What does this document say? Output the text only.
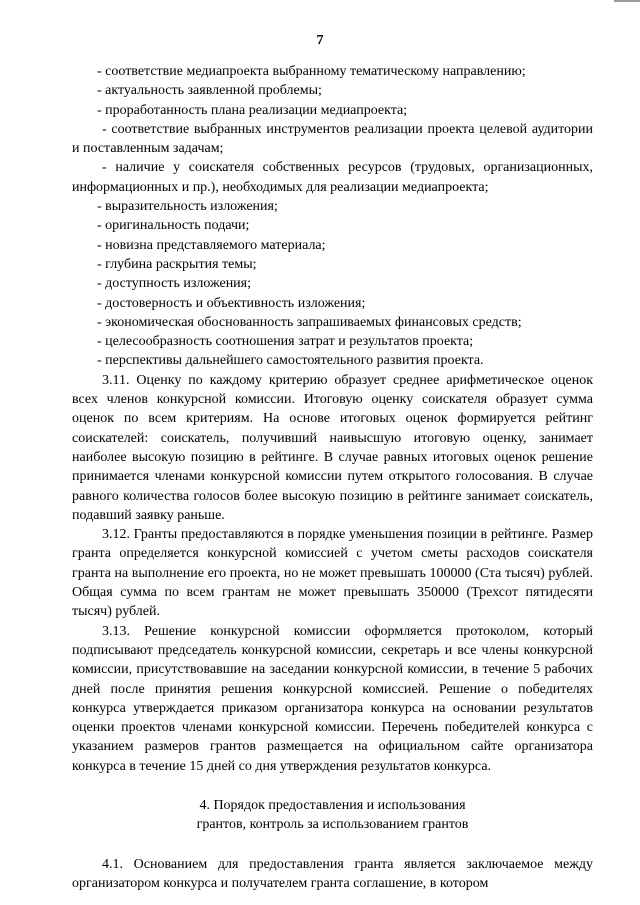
7

- соответствие медиапроекта выбранному тематическому направлению;

- актуальность заявленной проблемы;

- проработанность плана реализации медиапроекта;

- соответствие выбранных инструментов реализации проекта целевой аудитории и поставленным задачам;

- наличие у соискателя собственных ресурсов (трудовых, организационных, информационных и пр.), необходимых для реализации медиапроекта;

- выразительность изложения;

- оригинальность подачи;

- новизна представляемого материала;

- глубина раскрытия темы;

- доступность изложения;

- достоверность и объективность изложения;

- экономическая обоснованность запрашиваемых финансовых средств;

- целесообразность соотношения затрат и результатов проекта;

- перспективы дальнейшего самостоятельного развития проекта.

3.11. Оценку по каждому критерию образует среднее арифметическое оценок всех членов конкурсной комиссии. Итоговую оценку соискателя образует сумма оценок по всем критериям. На основе итоговых оценок формируется рейтинг соискателей: соискатель, получивший наивысшую итоговую оценку, занимает наиболее высокую позицию в рейтинге. В случае равных итоговых оценок решение принимается членами конкурсной комиссии путем открытого голосования. В случае равного количества голосов более высокую позицию в рейтинге занимает соискатель, подавший заявку раньше.

3.12. Гранты предоставляются в порядке уменьшения позиции в рейтинге. Размер гранта определяется конкурсной комиссией с учетом сметы расходов соискателя гранта на выполнение его проекта, но не может превышать 100000 (Ста тысяч) рублей. Общая сумма по всем грантам не может превышать 350000 (Трехсот пятидесяти тысяч) рублей.

3.13. Решение конкурсной комиссии оформляется протоколом, который подписывают председатель конкурсной комиссии, секретарь и все члены конкурсной комиссии, присутствовавшие на заседании конкурсной комиссии, в течение 5 рабочих дней после принятия решения конкурсной комиссией. Решение о победителях конкурса утверждается приказом организатора конкурса на основании результатов оценки проектов членами конкурсной комиссии. Перечень победителей конкурса с указанием размеров грантов размещается на официальном сайте организатора конкурса в течение 15 дней со дня утверждения результатов конкурса.

4. Порядок предоставления и использования
грантов, контроль за использованием грантов

4.1. Основанием для предоставления гранта является заключаемое между организатором конкурса и получателем гранта соглашение, в котором
